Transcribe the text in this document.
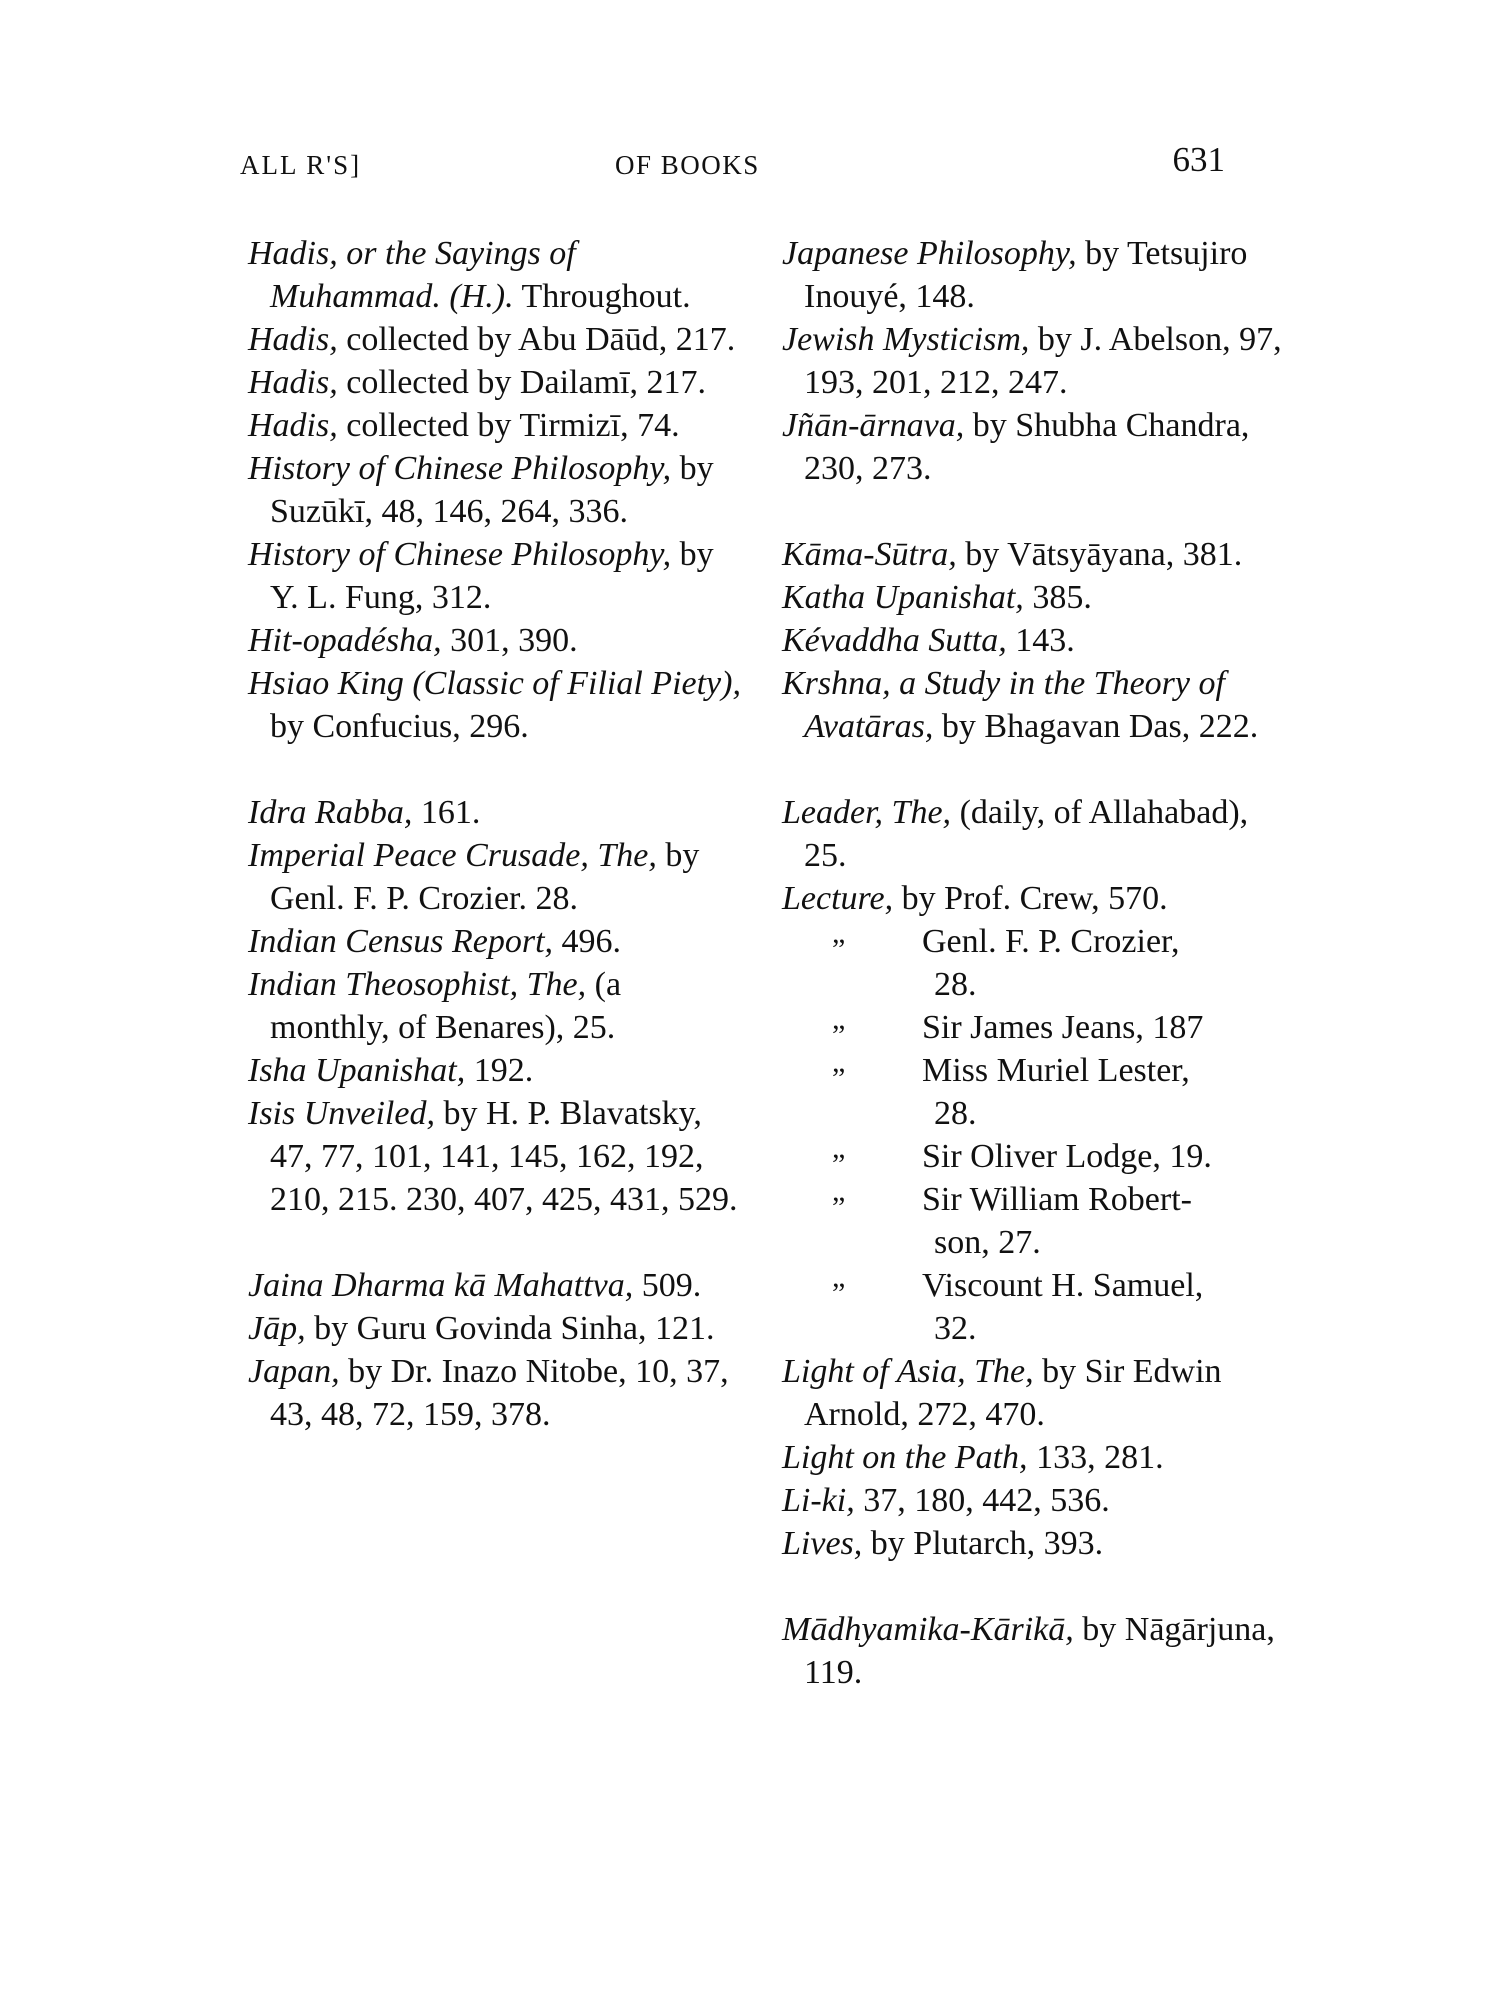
ALL R'S]	OF BOOKS	631
Hadis, or the Sayings of Muhammad. (H.). Throughout.
Hadis, collected by Abu Dāūd, 217.
Hadis, collected by Dailamī, 217.
Hadis, collected by Tirmizī, 74.
History of Chinese Philosophy, by Suzūkī, 48, 146, 264, 336.
History of Chinese Philosophy, by Y. L. Fung, 312.
Hit-opadésha, 301, 390.
Hsiao King (Classic of Filial Piety), by Confucius, 296.
Idra Rabba, 161.
Imperial Peace Crusade, The, by Genl. F. P. Crozier. 28.
Indian Census Report, 496.
Indian Theosophist, The, (a monthly, of Benares), 25.
Isha Upanishat, 192.
Isis Unveiled, by H. P. Blavatsky, 47, 77, 101, 141, 145, 162, 192, 210, 215. 230, 407, 425, 431, 529.
Jaina Dharma kā Mahattva, 509.
Jāp, by Guru Govinda Sinha, 121.
Japan, by Dr. Inazo Nitobe, 10, 37, 43, 48, 72, 159, 378.
Japanese Philosophy, by Tetsujiro Inouyé, 148.
Jewish Mysticism, by J. Abelson, 97, 193, 201, 212, 247.
Jñān-ārnava, by Shubha Chandra, 230, 273.
Kāma-Sūtra, by Vātsyāyana, 381.
Katha Upanishat, 385.
Kévaddha Sutta, 143.
Krshna, a Study in the Theory of Avatāras, by Bhagavan Das, 222.
Leader, The, (daily, of Allahabad), 25.
Lecture, by Prof. Crew, 570.
” Genl. F. P. Crozier,
28.
” Sir James Jeans, 187
” Miss Muriel Lester,
28.
” Sir Oliver Lodge, 19.
” Sir William Robert-
son, 27.
” Viscount H. Samuel,
32.
Light of Asia, The, by Sir Edwin Arnold, 272, 470.
Light on the Path, 133, 281.
Li-ki, 37, 180, 442, 536.
Lives, by Plutarch, 393.
Mādhyamika-Kārikā, by Nāgārjuna, 119.
